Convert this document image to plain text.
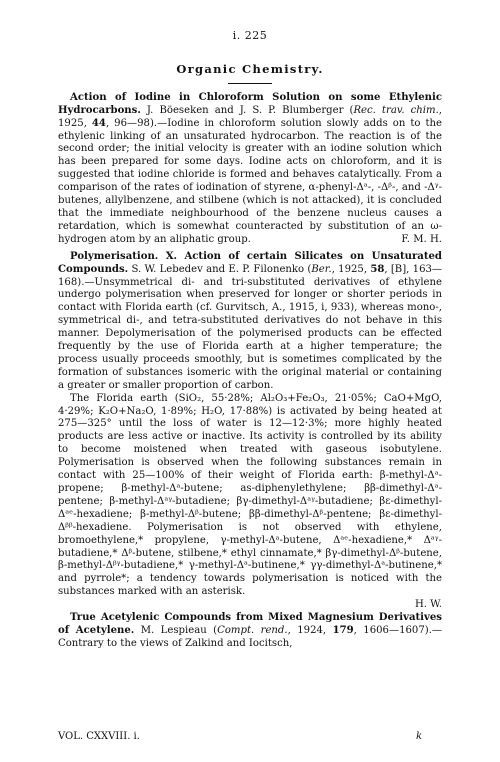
i. 225
Organic Chemistry.

Action of Iodine in Chloroform Solution on some Ethylenic Hydrocarbons. J. Böeseken and J. S. P. Blumberger (Rec. trav. chim., 1925, 44, 96—98).—Iodine in chloroform solution slowly adds on to the ethylenic linking of an unsaturated hydrocarbon. The reaction is of the second order; the initial velocity is greater with an iodine solution which has been prepared for some days. Iodine acts on chloroform, and it is suggested that iodine chloride is formed and behaves catalytically. From a comparison of the rates of iodination of styrene, α-phenyl-Δᵃ-, -Δᵝ-, and -Δᵞ-butenes, allylbenzene, and stilbene (which is not attacked), it is concluded that the immediate neighbourhood of the benzene nucleus causes a retardation, which is somewhat counteracted by substitution of an ω-hydrogen atom by an aliphatic group.	F. M. H.

Polymerisation. X. Action of certain Silicates on Unsaturated Compounds. S. W. Lebedev and E. P. Filonenko (Ber., 1925, 58, [B], 163—168).—Unsymmetrical di- and tri-substituted derivatives of ethylene undergo polymerisation when preserved for longer or shorter periods in contact with Florida earth (cf. Gurvitsch, A., 1915, i, 933), whereas mono-, symmetrical di-, and tetra-substituted derivatives do not behave in this manner. Depolymerisation of the polymerised products can be effected frequently by the use of Florida earth at a higher temperature; the process usually proceeds smoothly, but is sometimes complicated by the formation of substances isomeric with the original material or containing a greater or smaller proportion of carbon.

The Florida earth (SiO₂, 55·28%; Al₂O₃+Fe₂O₃, 21·05%; CaO+MgO, 4·29%; K₂O+Na₂O, 1·89%; H₂O, 17·88%) is activated by being heated at 275—325° until the loss of water is 12—12·3%; more highly heated products are less active or inactive. Its activity is controlled by its ability to become moistened when treated with gaseous isobutylene. Polymerisation is observed when the following substances remain in contact with 25—100% of their weight of Florida earth: β-methyl-Δᵃ-propene; β-methyl-Δᵃ-butene; as-diphenylethylene; ββ-dimethyl-Δᵃ-pentene; β-methyl-Δᵃᵞ-butadiene; βγ-dimethyl-Δᵃᵞ-butadiene; βε-dimethyl-Δᵃᵉ-hexadiene; β-methyl-Δᵝ-butene; ββ-dimethyl-Δᵝ-pentene; βε-dimethyl-Δᵝᵝ-hexadiene. Polymerisation is not observed with ethylene, bromoethylene,* propylene, γ-methyl-Δᵃ-butene, Δᵃᵉ-hexadiene,* Δᵃᵞ-butadiene,* Δᵝ-butene, stilbene,* ethyl cinnamate,* βγ-dimethyl-Δᵝ-butene, β-methyl-Δᵝᵞ-butadiene,* γ-methyl-Δᵃ-butinene,* γγ-dimethyl-Δᵃ-butinene,* and pyrrole*; a tendency towards polymerisation is noticed with the substances marked with an asterisk.

H. W.

True Acetylenic Compounds from Mixed Magnesium Derivatives of Acetylene. M. Lespieau (Compt. rend., 1924, 179, 1606—1607).—Contrary to the views of Zalkind and Iocitsch,

VOL. CXXVIII. i.	k
